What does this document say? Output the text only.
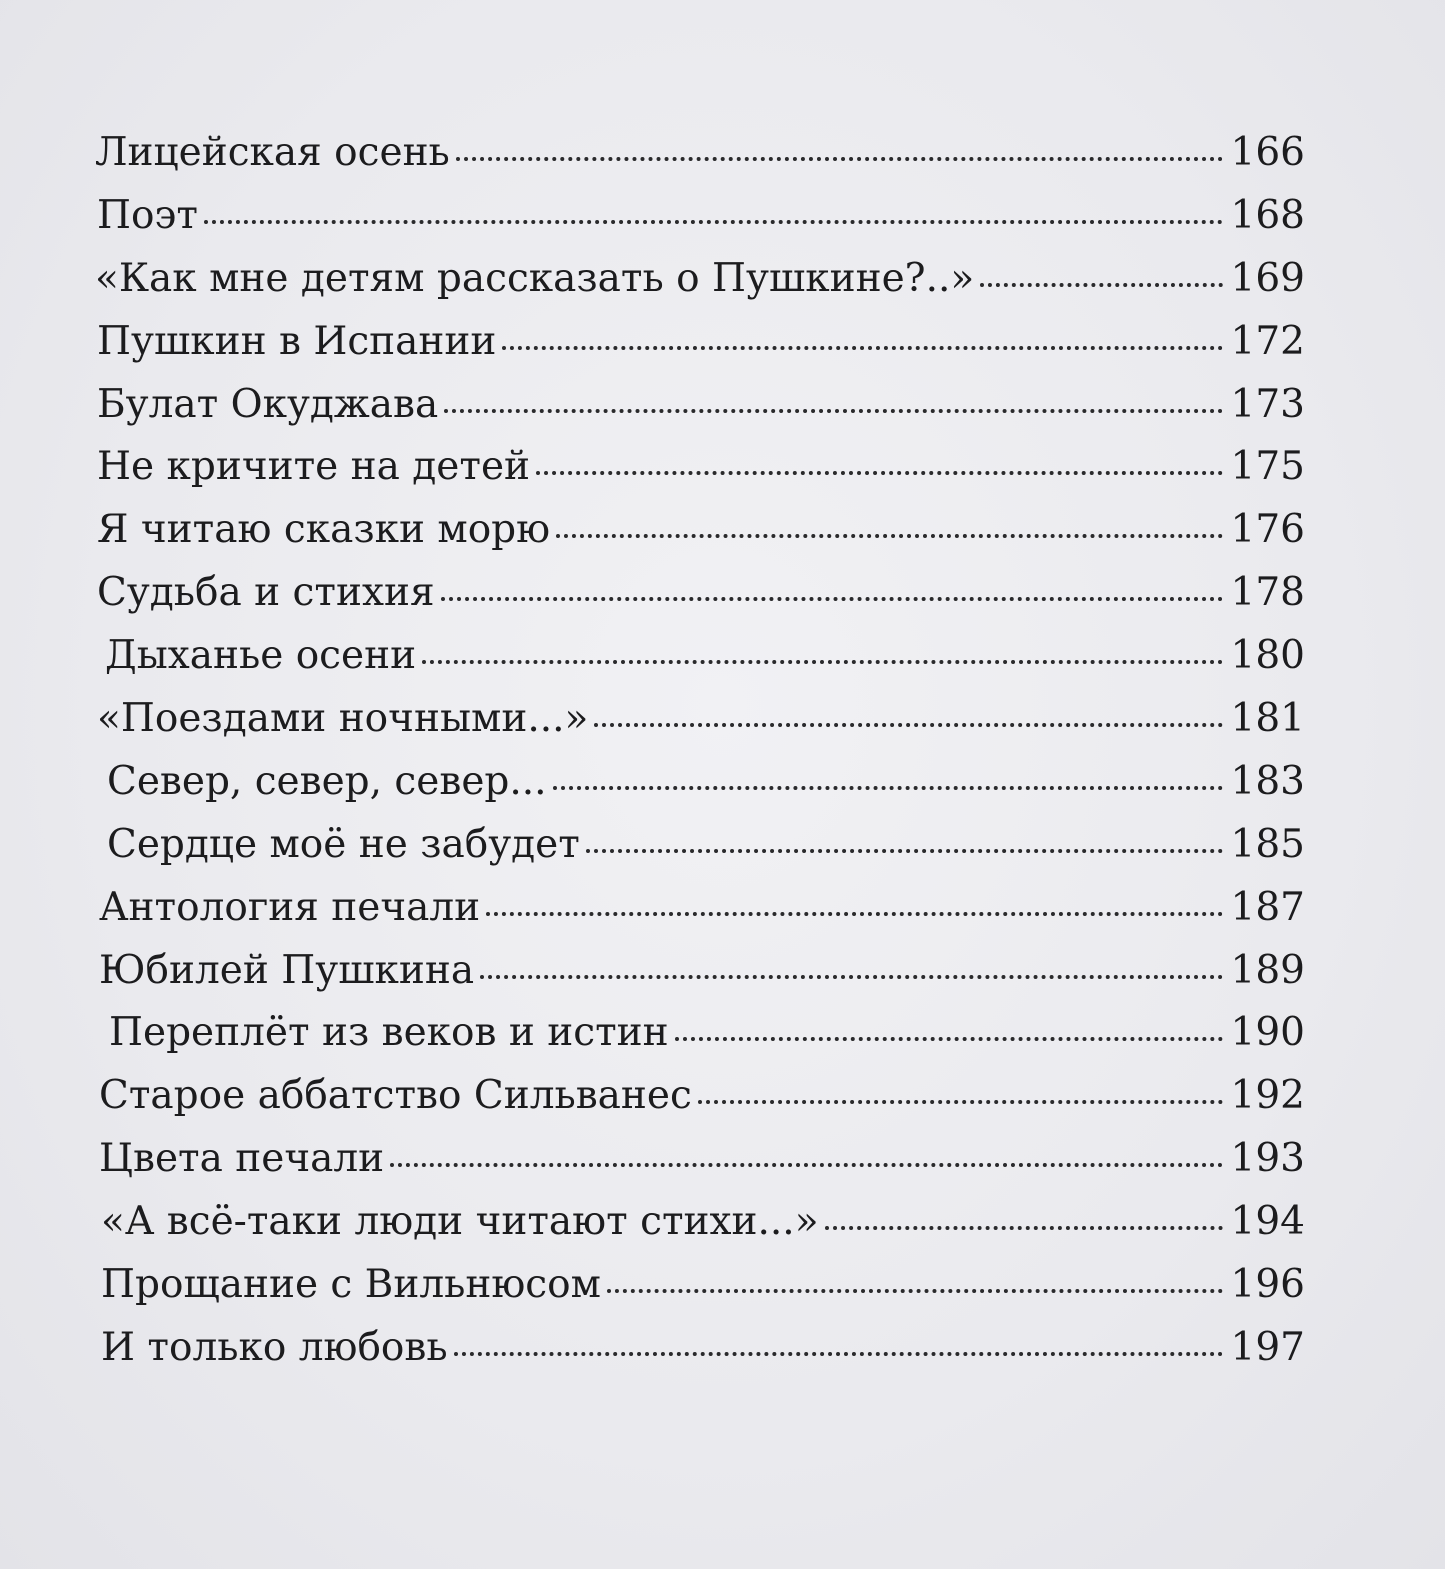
Лицейская осень	166
Поэт	168
«Как мне детям рассказать о Пушкине?..»	169
Пушкин в Испании	172
Булат Окуджава	173
Не кричите на детей	175
Я читаю сказки морю	176
Судьба и стихия	178
Дыханье осени	180
«Поездами ночными...»	181
Север, север, север...	183
Сердце моё не забудет	185
Антология печали	187
Юбилей Пушкина	189
Переплёт из веков и истин	190
Старое аббатство Сильванес	192
Цвета печали	193
«А всё-таки люди читают стихи...»	194
Прощание с Вильнюсом	196
И только любовь	197
